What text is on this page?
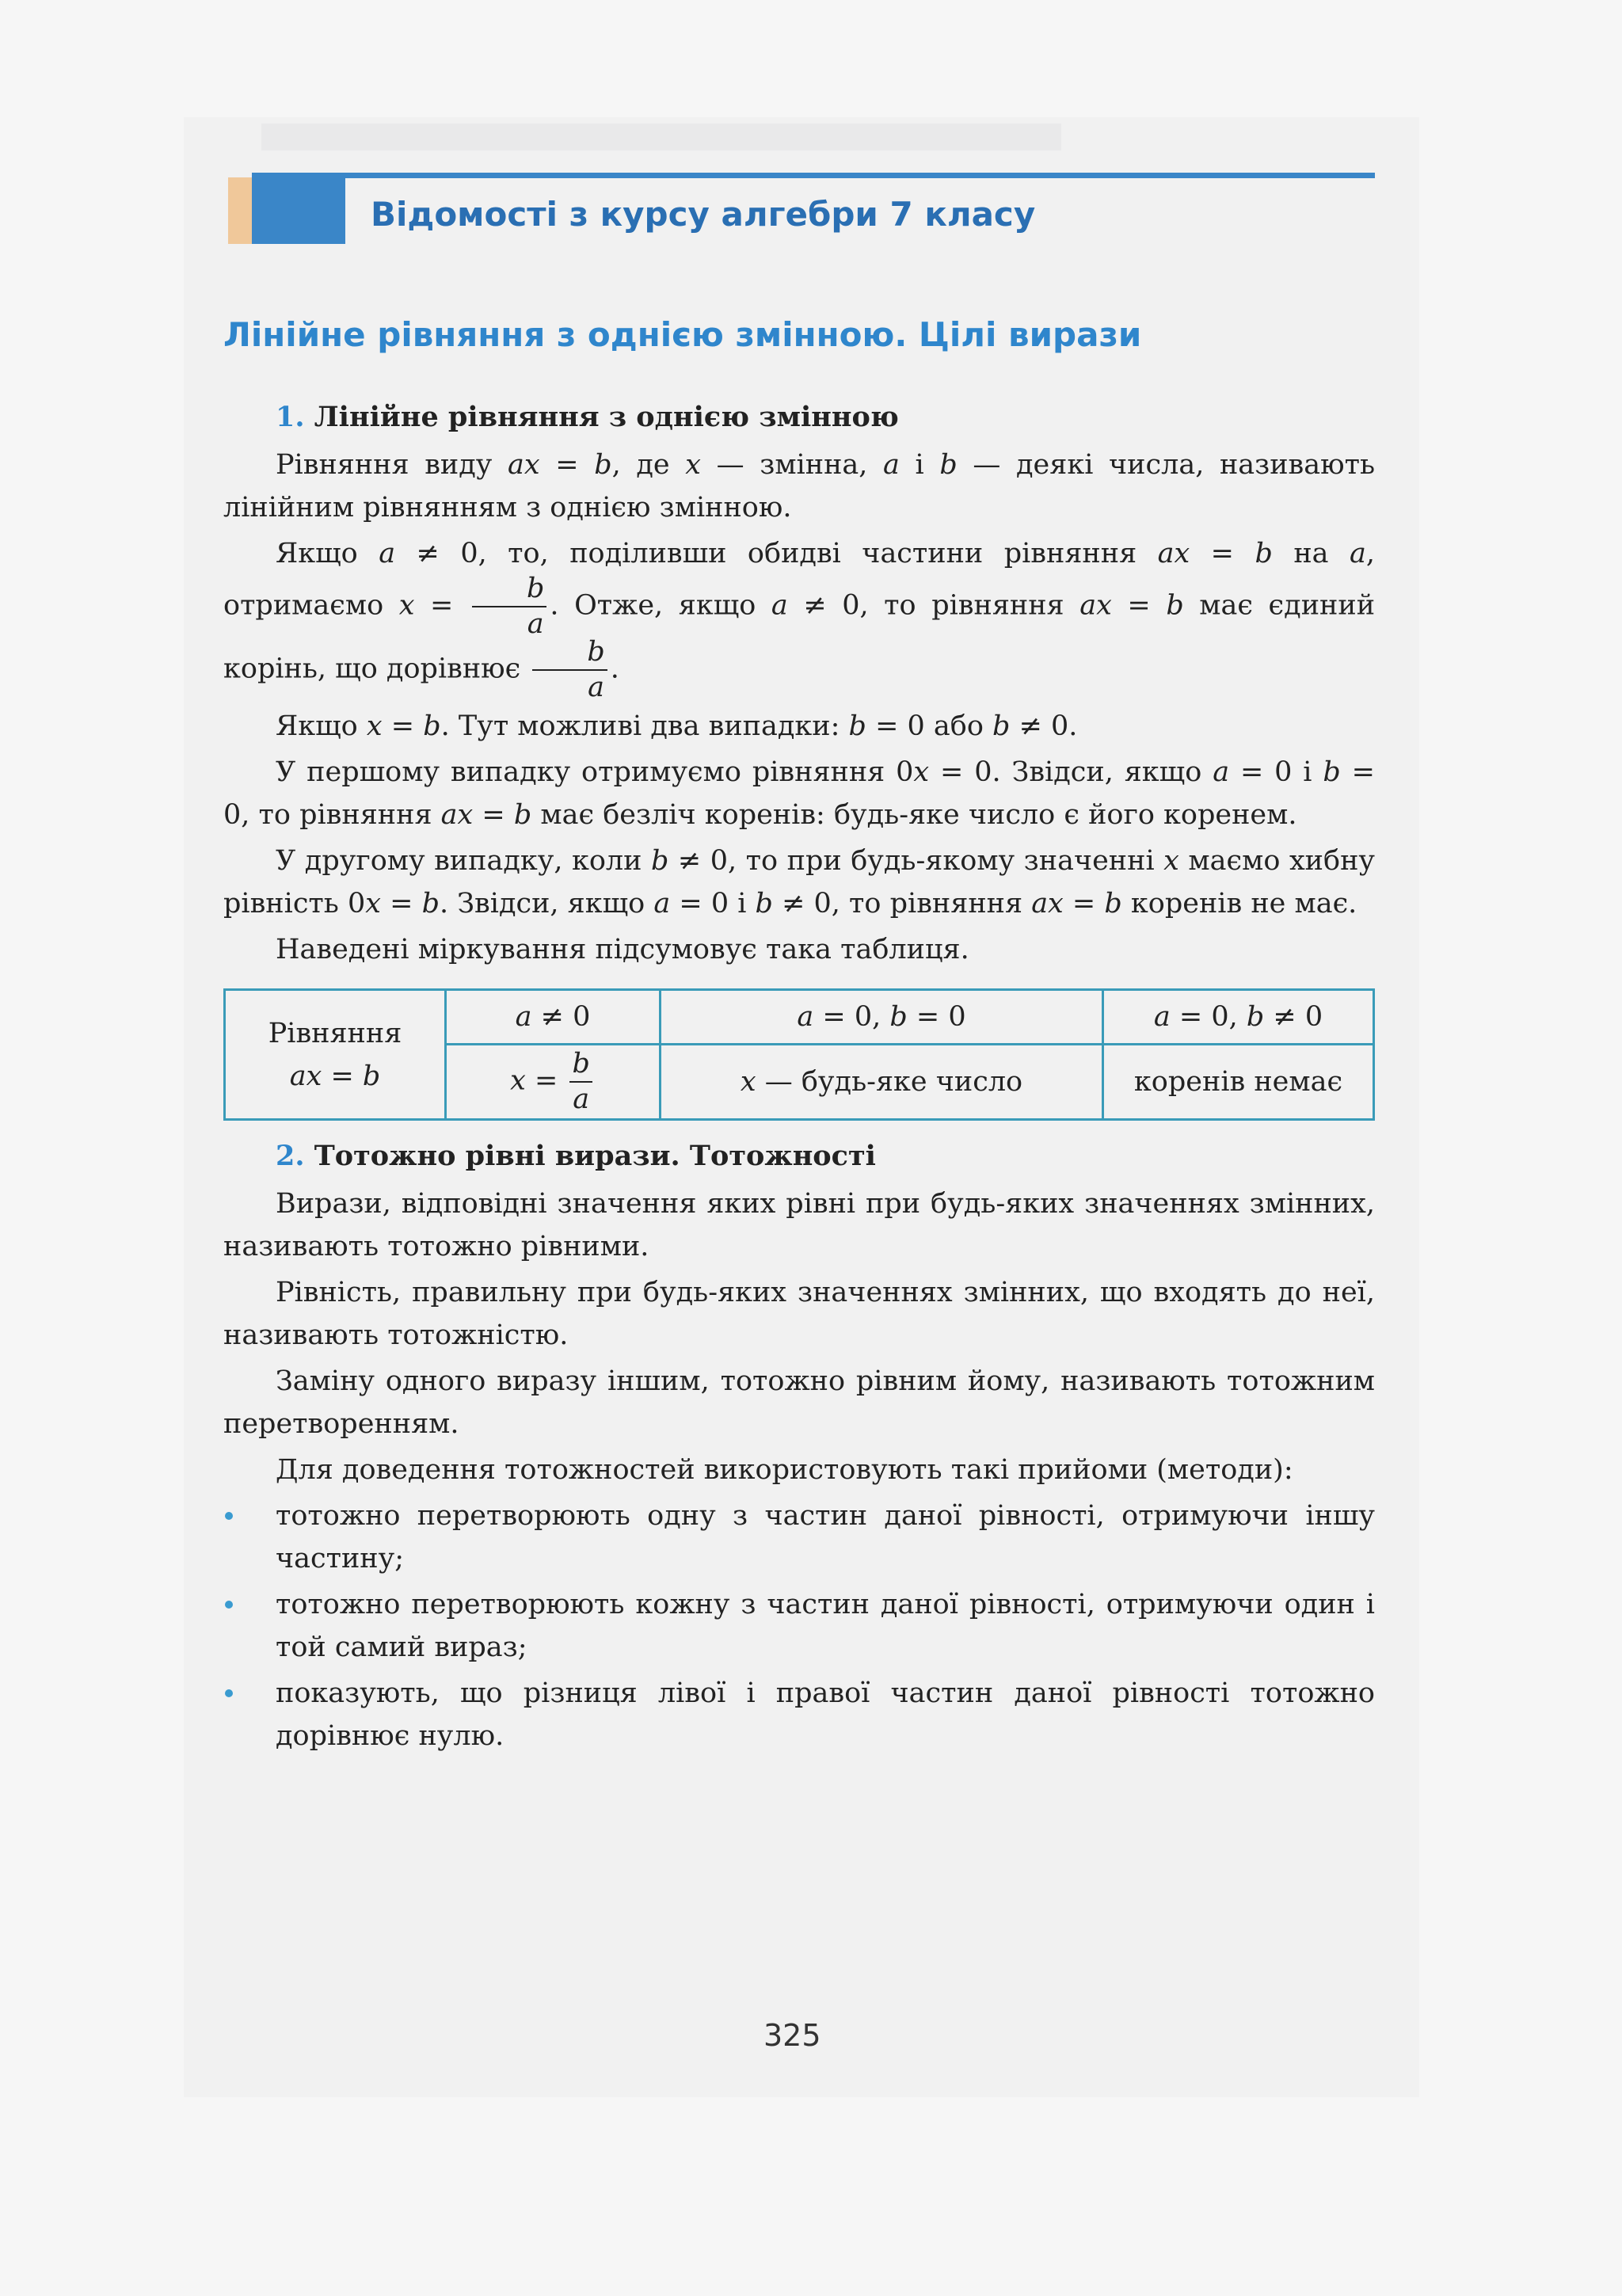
Відомості з курсу алгебри 7 класу
Лінійне рівняння з однією змінною. Цілі вирази
1. Лінійне рівняння з однією змінною

Рівняння виду ax = b, де x — змінна, a і b — деякі числа, називають лінійним рівнянням з однією змінною.

Якщо a ≠ 0, то, поділивши обидві частини рівняння ax = b на a, отримаємо $x = \frac{b}{a}$ . Отже, якщо a ≠ 0, то рівняння ax = b має єдиний корінь, що дорівнює $\frac{b}{a}$ .

Якщо x = b. Тут можливі два випадки: b = 0 або b ≠ 0.

У першому випадку отримуємо рівняння 0x = 0. Звідси, якщо a = 0 і b = 0, то рівняння ax = b має безліч коренів: будь-яке число є його коренем.

У другому випадку, коли b ≠ 0, то при будь-якому значенні x маємо хибну рівність 0x = b. Звідси, якщо a = 0 і b ≠ 0, то рівняння ax = b коренів не має.

Наведені міркування підсумовує така таблиця.

Рівняння
ax = b	a ≠ 0	a = 0, b = 0	a = 0, b ≠ 0
	$x = \frac{b}{a}$	x — будь-яке число	коренів немає
2. Тотожно рівні вирази. Тотожності

Вирази, відповідні значення яких рівні при будь-яких значеннях змінних, називають тотожно рівними.

Рівність, правильну при будь-яких значеннях змінних, що входять до неї, називають тотожністю.

Заміну одного виразу іншим, тотожно рівним йому, називають тотожним перетворенням.

Для доведення тотожностей використовують такі прийоми (методи):

тотожно перетворюють одну з частин даної рівності, отримуючи іншу частину;
тотожно перетворюють кожну з частин даної рівності, отримуючи один і той самий вираз;
показують, що різниця лівої і правої частин даної рівності тотожно дорівнює нулю.
325
